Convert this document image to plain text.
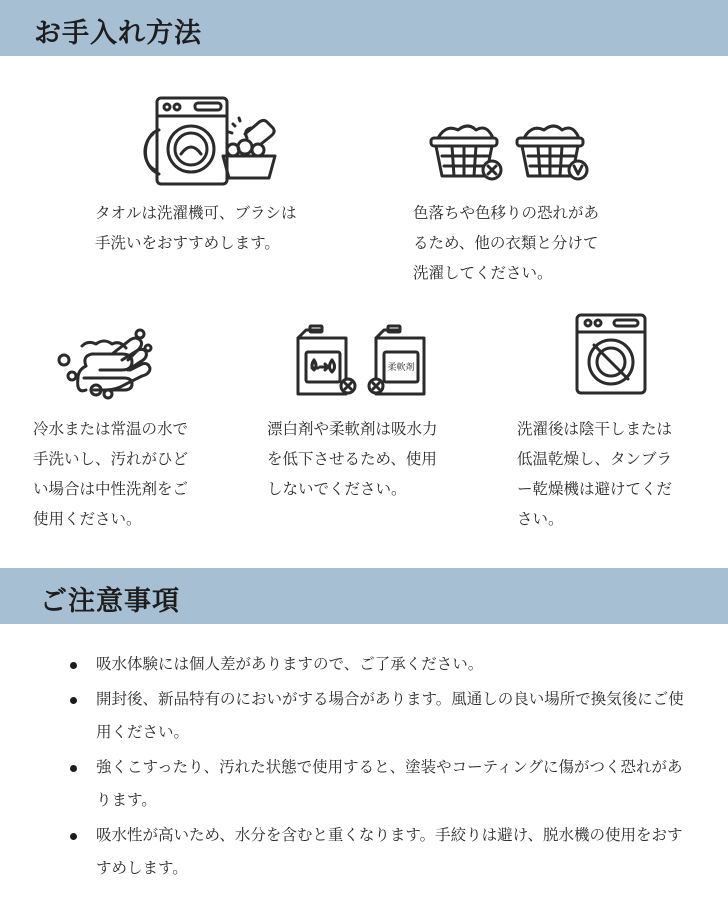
お手入れ方法
タオルは洗濯機可、ブラシは
手洗いをおすすめします。
色落ちや色移りの恐れがあ
るため、他の衣類と分けて
洗濯してください。
冷水または常温の水で
手洗いし、汚れがひど
い場合は中性洗剤をご
使用ください。
柔軟剤
漂白剤や柔軟剤は吸水力
を低下させるため、使用
しないでください。
洗濯後は陰干しまたは
低温乾燥し、タンブラ
ー乾燥機は避けてくだ
さい。
ご注意事項
吸水体験には個人差がありますので、ご了承ください。
開封後、新品特有のにおいがする場合があります。風通しの良い場所で換気後にご使用ください。
強くこすったり、汚れた状態で使用すると、塗装やコーティングに傷がつく恐れがあります。
吸水性が高いため、水分を含むと重くなります。手絞りは避け、脱水機の使用をおすすめします。
